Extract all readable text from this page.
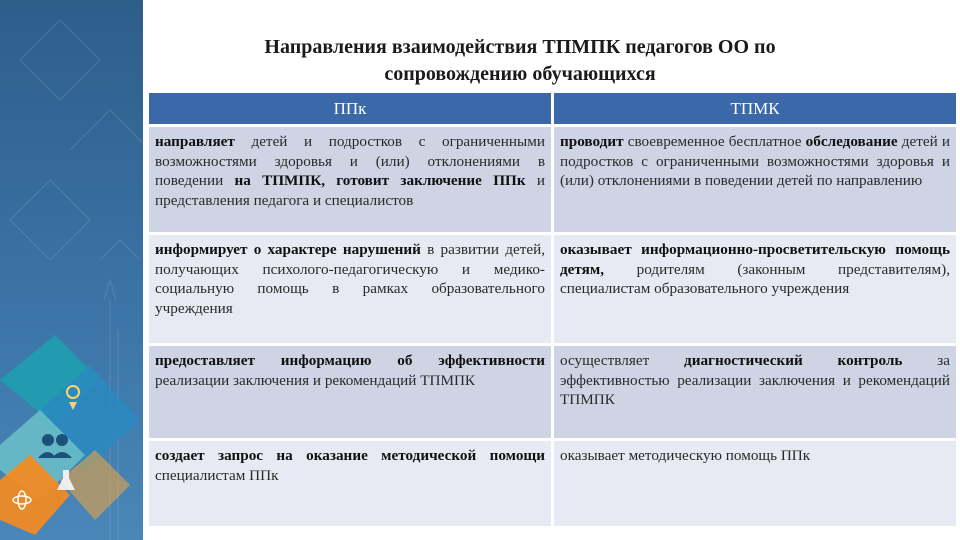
Направления взаимодействия ТПМПК педагогов ОО по
сопровождению обучающихся
ППк	ТПМК

направляет детей и подростков с ограниченными возможностями здоровья и (или) отклонениями в поведении на ТПМПК, готовит заключение ППк и представления педагога и специалистов	проводит своевременное бесплатное обследование детей и подростков с ограниченными возможностями здоровья и (или) отклонениями в поведении детей по направлению

информирует о характере нарушений в развитии детей, получающих психолого-педагогическую и медико-социальную помощь в рамках образовательного учреждения	оказывает информационно-просветительскую помощь детям, родителям (законным представителям), специалистам образовательного учреждения

предоставляет информацию об эффективности реализации заключения и рекомендаций ТПМПК	осуществляет диагностический контроль за эффективностью реализации заключения и рекомендаций ТПМПК

создает запрос на оказание методической помощи специалистам ППк	оказывает методическую помощь ППк
